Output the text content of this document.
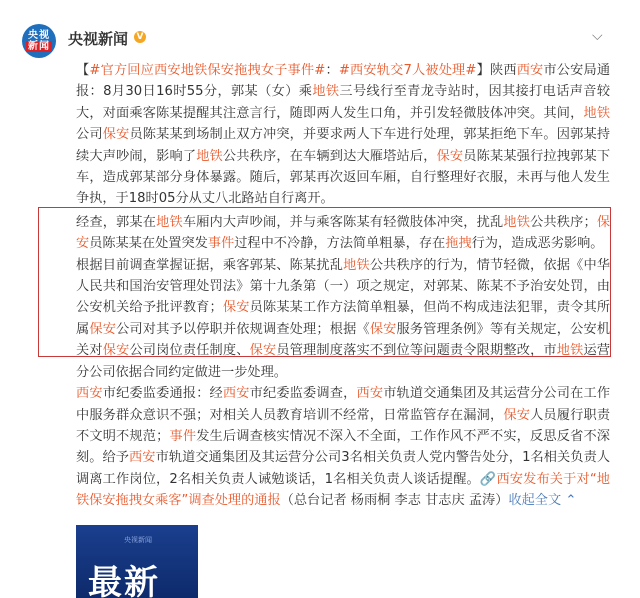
央视
新闻 央视新闻 V	⌵

【#官方回应西安地铁保安拖拽女子事件#：#西安轨交7人被处理#】陕西西安市公安局通报：8月30日16时55分，郭某（女）乘地铁三号线行至青龙寺站时，因其接打电话声音较大，对面乘客陈某提醒其注意言行，随即两人发生口角，并引发轻微肢体冲突。其间，地铁公司保安员陈某某到场制止双方冲突，并要求两人下车进行处理，郭某拒绝下车。因郭某持续大声吵闹，影响了地铁公共秩序，在车辆到达大雁塔站后，保安员陈某某强行拉拽郭某下车，造成郭某部分身体暴露。随后，郭某再次返回车厢，自行整理好衣服，未再与他人发生争执，于18时05分从丈八北路站自行离开。

经查，郭某在地铁车厢内大声吵闹，并与乘客陈某有轻微肢体冲突，扰乱地铁公共秩序；保安员陈某某在处置突发事件过程中不冷静，方法简单粗暴，存在拖拽行为，造成恶劣影响。

根据目前调查掌握证据，乘客郭某、陈某扰乱地铁公共秩序的行为，情节轻微，依据《中华人民共和国治安管理处罚法》第十九条第（一）项之规定，对郭某、陈某不予治安处罚，由公安机关给予批评教育；保安员陈某某工作方法简单粗暴，但尚不构成违法犯罪，责令其所属保安公司对其予以停职并依规调查处理；根据《保安服务管理条例》等有关规定，公安机关对保安公司岗位责任制度、保安员管理制度落实不到位等问题责令限期整改，市地铁运营分公司依据合同约定做进一步处理。

西安市纪委监委通报：经西安市纪委监委调查，西安市轨道交通集团及其运营分公司在工作中服务群众意识不强；对相关人员教育培训不经常，日常监管存在漏洞，保安人员履行职责不文明不规范；事件发生后调查核实情况不深入不全面，工作作风不严不实，反思反省不深刻。给予西安市轨道交通集团及其运营分公司3名相关负责人党内警告处分，1名相关负责人调离工作岗位，2名相关负责人诫勉谈话，1名相关负责人谈话提醒。🔗西安发布关于对“地铁保安拖拽女乘客”调查处理的通报（总台记者 杨雨桐 李志 甘志庆 孟涛）收起全文 ⌃

央视新闻
最新
